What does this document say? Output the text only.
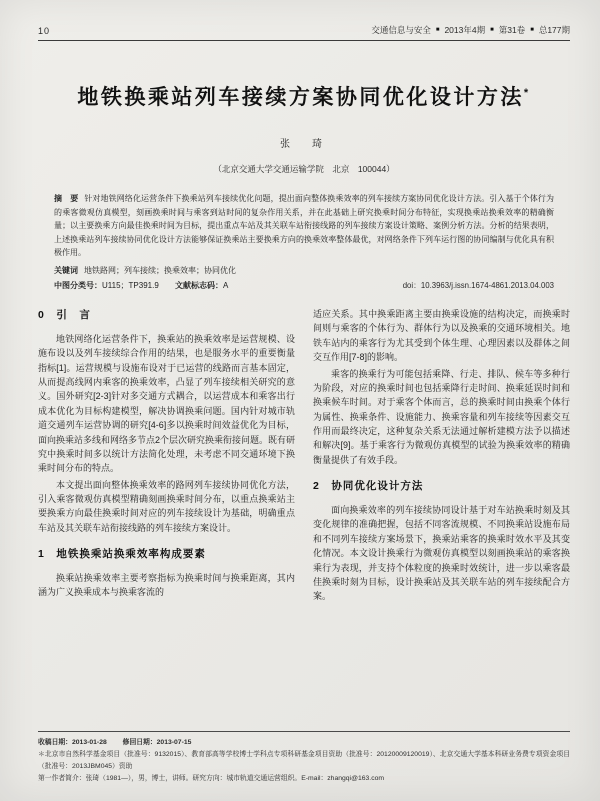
10	交通信息与安全 ■ 2013年4期 ■ 第31卷 ■ 总177期
地铁换乘站列车接续方案协同优化设计方法*
张　琦
（北京交通大学交通运输学院　北京　100044）
摘　要 针对地铁网络化运营条件下换乘站列车接续优化问题，提出面向整体换乘效率的列车接续方案协同优化设计方法。引入基于个体行为的乘客微观仿真模型，刻画换乘时间与乘客到站时间的复杂作用关系，并在此基础上研究换乘时间分布特征，实现换乘站换乘效率的精确衡量；以主要换乘方向最佳换乘时间为目标，提出重点车站及其关联车站衔接线路的列车接续方案设计策略、案例分析方法。分析的结果表明，上述换乘站列车接续协同优化设计方法能够保证换乘站主要换乘方向的换乘效率整体最优，对网络条件下列车运行图的协同编制与优化具有积极作用。
关键词 地铁路网；列车接续；换乘效率；协同优化
中图分类号：U115；TP391.9 文献标志码：A	doi：10.3963/j.issn.1674-4861.2013.04.003
0　引　言

地铁网络化运营条件下，换乘站的换乘效率是运营规模、设施布设以及列车接续综合作用的结果，也是服务水平的重要衡量指标[1]。运营规模与设施布设对于已运营的线路而言基本固定，从而提高线网内乘客的换乘效率，凸显了列车接续相关研究的意义。国外研究[2-3]针对多交通方式耦合，以运营成本和乘客出行成本优化为目标构建模型，解决协调换乘问题。国内针对城市轨道交通列车运营协调的研究[4-6]多以换乘时间效益优化为目标，面向换乘站多线和网络多节点2个层次研究换乘衔接问题。既有研究中换乘时间多以统计方法简化处理，未考虑不同交通环境下换乘时间分布的特点。

本文提出面向整体换乘效率的路网列车接续协同优化方法，引入乘客微观仿真模型精确刻画换乘时间分布，以重点换乘站主要换乘方向最佳换乘时间对应的列车接续设计为基础，明确重点车站及其关联车站衔接线路的列车接续方案设计。

1　地铁换乘站换乘效率构成要素

换乘站换乘效率主要考察指标为换乘时间与换乘距离，其内涵为广义换乘成本与换乘客流的

适应关系。其中换乘距离主要由换乘设施的结构决定，而换乘时间则与乘客的个体行为、群体行为以及换乘的交通环境相关。地铁车站内的乘客行为尤其受到个体生理、心理因素以及群体之间交互作用[7-8]的影响。

乘客的换乘行为可能包括乘降、行走、排队、候车等多种行为阶段，对应的换乘时间也包括乘降行走时间、换乘延误时间和换乘候车时间。对于乘客个体而言，总的换乘时间由换乘个体行为属性、换乘条件、设施能力、换乘容量和列车接续等因素交互作用而最终决定，这种复杂关系无法通过解析建模方法予以描述和解决[9]。基于乘客行为微观仿真模型的试验为换乘效率的精确衡量提供了有效手段。

2　协同优化设计方法

面向换乘效率的列车接续协同设计基于对车站换乘时刻及其变化规律的准确把握，包括不同客流规模、不同换乘站设施布局和不同列车接续方案场景下，换乘站乘客的换乘时效水平及其变化情况。本文设计换乘行为微观仿真模型以刻画换乘站的乘客换乘行为表现，并支持个体粒度的换乘时效统计，进一步以乘客最佳换乘时刻为目标，设计换乘站及其关联车站的列车接续配合方案。

收稿日期：2013-01-28 修回日期：2013-07-15

＊北京市自然科学基金项目（批准号：9132015）、教育部高等学校博士学科点专项科研基金项目资助（批准号：20120009120019）、北京交通大学基本科研业务费专项资金项目（批准号：2013JBM045）资助

第一作者简介：张琦（1981—），男，博士，讲师。研究方向：城市轨道交通运营组织。E-mail：zhangqi@163.com
